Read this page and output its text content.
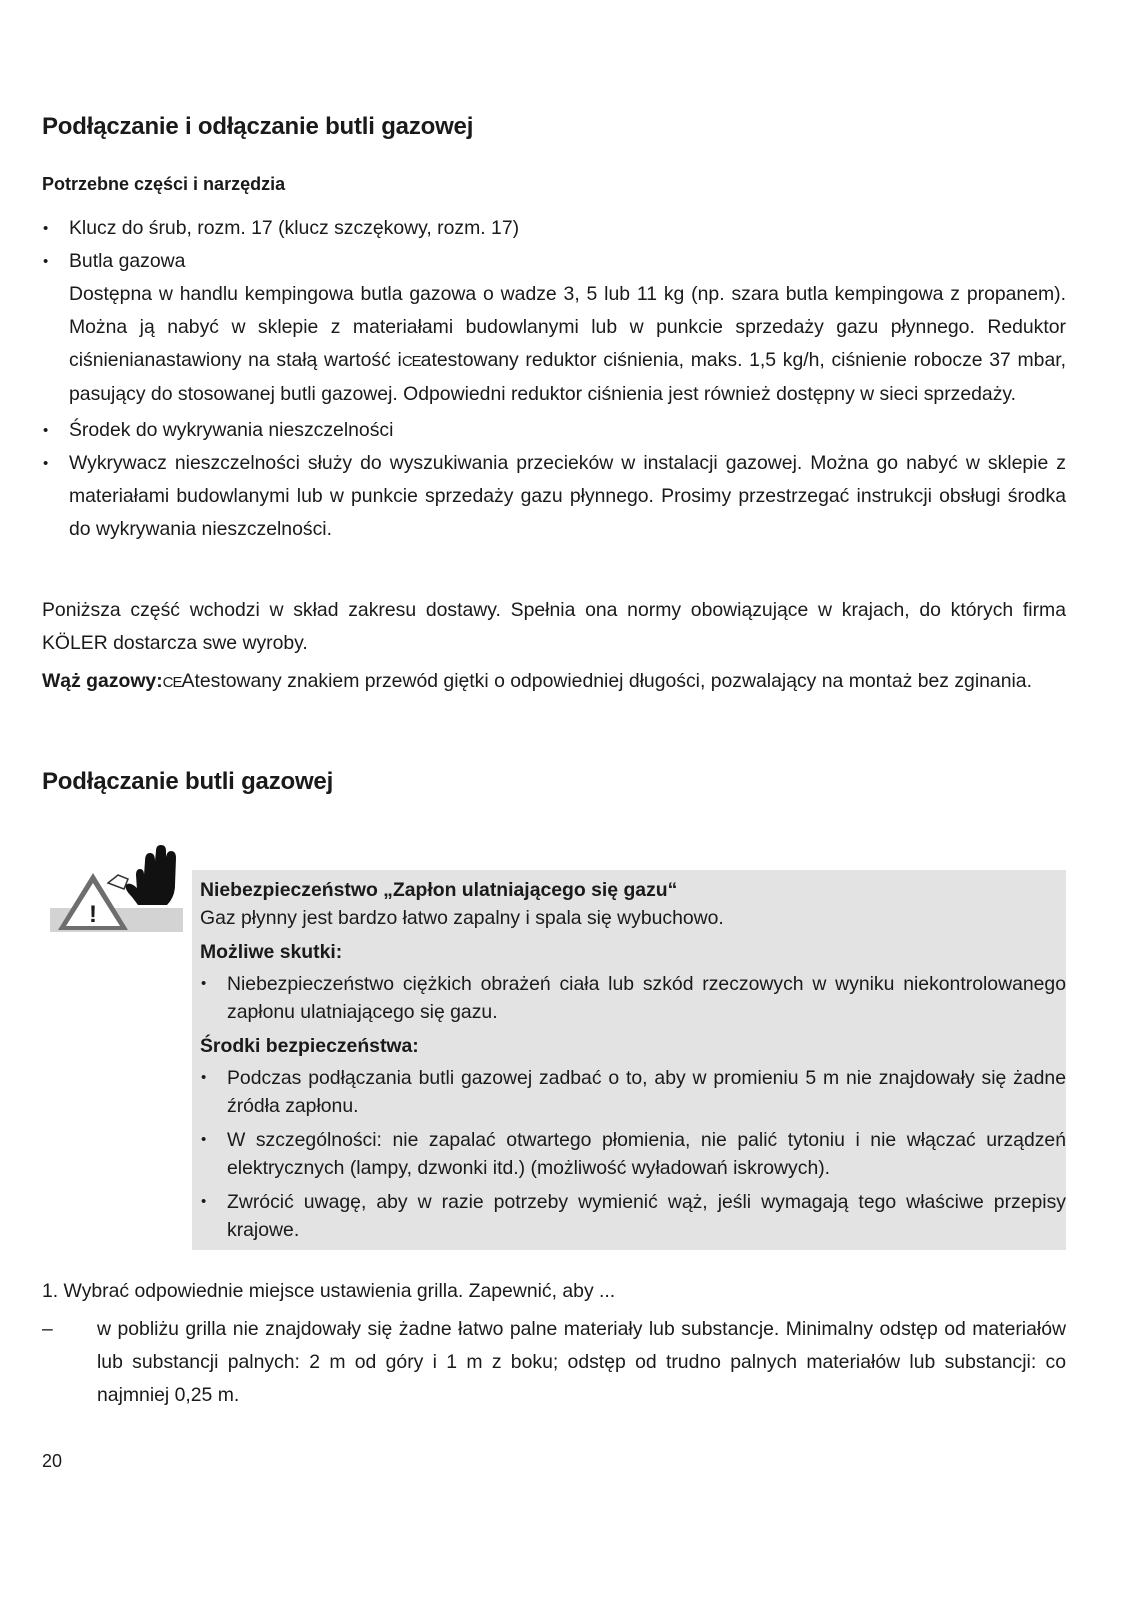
Podłączanie i odłączanie butli gazowej
Potrzebne części i narzędzia
• Klucz do śrub, rozm. 17 (klucz szczękowy, rozm. 17)
• Butla gazowa
Dostępna w handlu kempingowa butla gazowa o wadze 3, 5 lub 11 kg (np. szara butla kempingowa z propanem). Można ją nabyć w sklepie z materiałami budowlanymi lub w punkcie sprzedaży gazu płynnego. Reduktor ciśnienianastawiony na stałą wartość iCEatestowany reduktor ciśnienia, maks. 1,5 kg/h, ciśnienie robocze 37 mbar, pasujący do stosowanej butli gazowej. Odpowiedni reduktor ciśnienia jest również dostępny w sieci sprzedaży.
• Środek do wykrywania nieszczelności
• Wykrywacz nieszczelności służy do wyszukiwania przecieków w instalacji gazowej. Można go nabyć w sklepie z materiałami budowlanymi lub w punkcie sprzedaży gazu płynnego. Prosimy przestrzegać instrukcji obsługi środka do wykrywania nieszczelności.
Poniższa część wchodzi w skład zakresu dostawy. Spełnia ona normy obowiązujące w krajach, do których firma KÖLER dostarcza swe wyroby.
Wąż gazowy:CEAtestowany znakiem przewód giętki o odpowiedniej długości, pozwalający na montaż bez zginania.
Podłączanie butli gazowej
!
Niebezpieczeństwo „Zapłon ulatniającego się gazu“
Gaz płynny jest bardzo łatwo zapalny i spala się wybuchowo.
Możliwe skutki:
• Niebezpieczeństwo ciężkich obrażeń ciała lub szkód rzeczowych w wyniku niekontrolowanego zapłonu ulatniającego się gazu.
Środki bezpieczeństwa:
• Podczas podłączania butli gazowej zadbać o to, aby w promieniu 5 m nie znajdowały się żadne źródła zapłonu.
• W szczególności: nie zapalać otwartego płomienia, nie palić tytoniu i nie włączać urządzeń elektrycznych (lampy, dzwonki itd.) (możliwość wyładowań iskrowych).
• Zwrócić uwagę, aby w razie potrzeby wymienić wąż, jeśli wymagają tego właściwe przepisy krajowe.
1. Wybrać odpowiednie miejsce ustawienia grilla. Zapewnić, aby ...
– w pobliżu grilla nie znajdowały się żadne łatwo palne materiały lub substancje. Minimalny odstęp od materiałów lub substancji palnych: 2 m od góry i 1 m z boku; odstęp od trudno palnych materiałów lub substancji: co najmniej 0,25 m.
20
